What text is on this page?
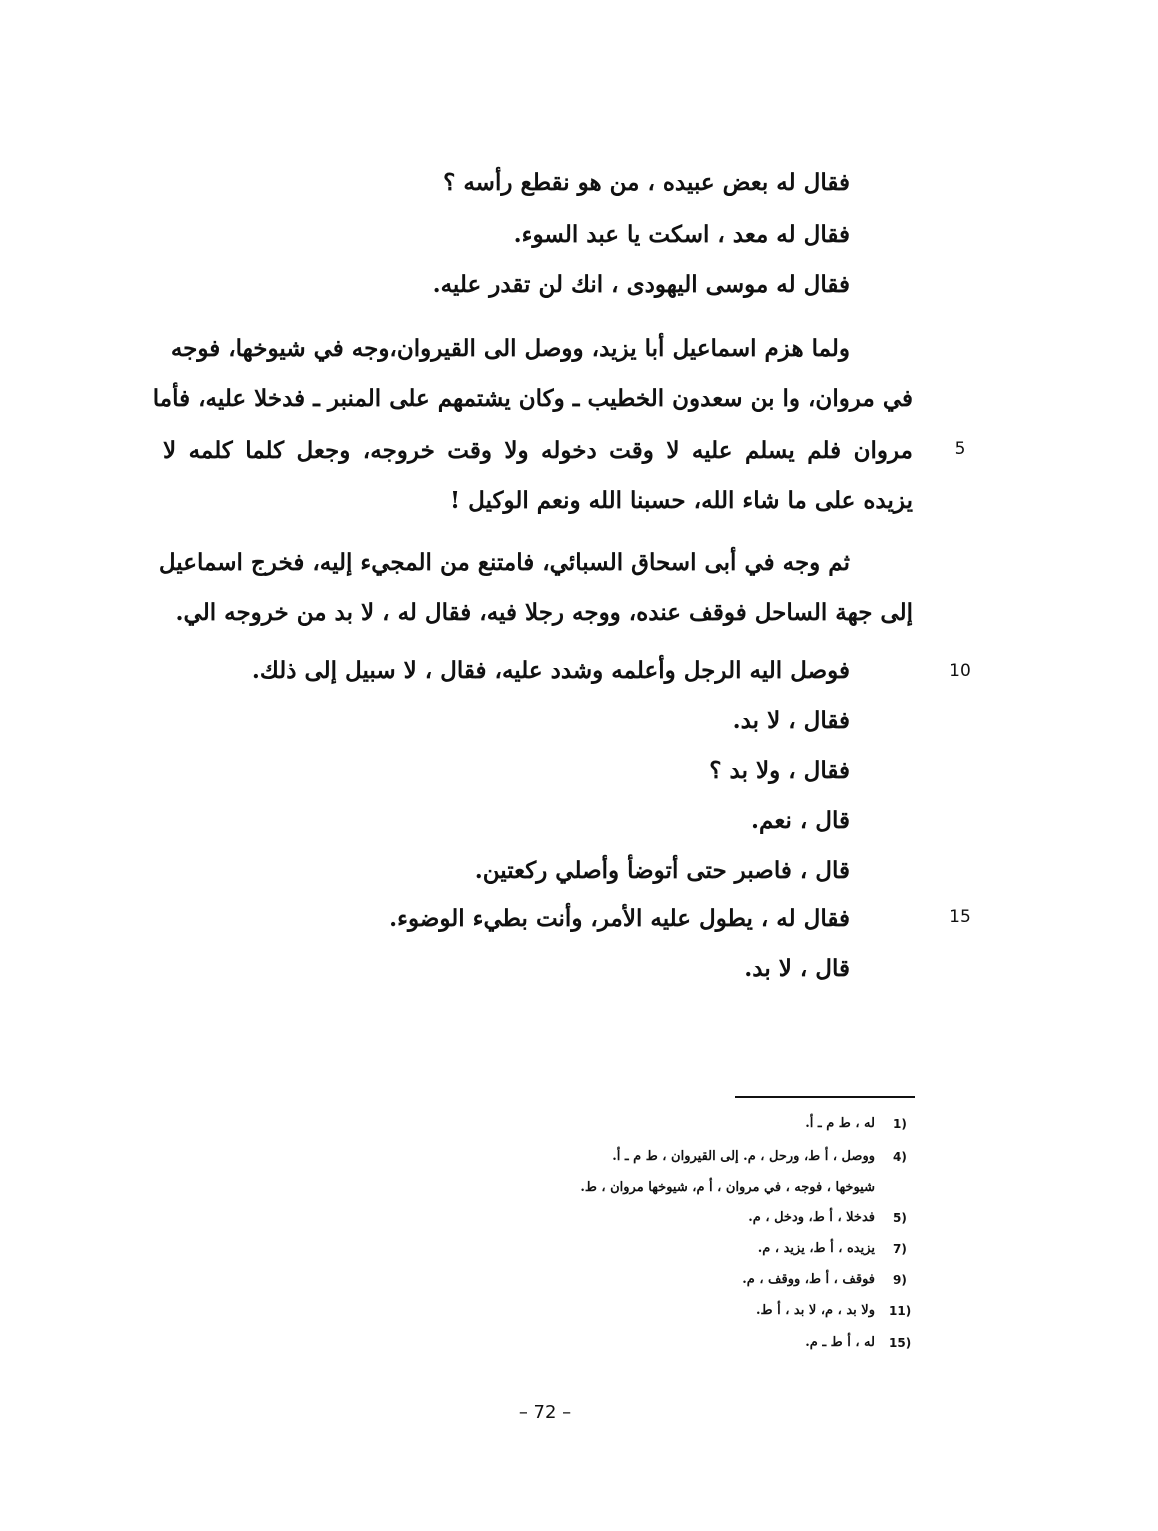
فقال له بعض عبيده ، من هو نقطع رأسه ؟
فقال له معد ، اسكت يا عبد السوء.
فقال له موسى اليهودى ، انك لن تقدر عليه.
ولما هزم اسماعيل أبا يزيد، ووصل الى القيروان،وجه في شيوخها، فوجه
في مروان، وا بن سعدون الخطيب ـ وكان يشتمهم على المنبر ـ فدخلا عليه، فأما
مروان فلم يسلم عليه لا وقت دخوله ولا وقت خروجه، وجعل كلما كلمه لا
يزيده على ما شاء الله، حسبنا الله ونعم الوكيل !
5
ثم وجه في أبى اسحاق السبائي، فامتنع من المجيء إليه، فخرج اسماعيل
إلى جهة الساحل فوقف عنده، ووجه رجلا فيه، فقال له ، لا بد من خروجه الي.
فوصل اليه الرجل وأعلمه وشدد عليه، فقال ، لا سبيل إلى ذلك.	10
فقال ، لا بد.
فقال ، ولا بد ؟
قال ، نعم.
قال ، فاصبر حتى أتوضأ وأصلي ركعتين.
فقال له ، يطول عليه الأمر، وأنت بطيء الوضوء.	15
قال ، لا بد.
1)
له ، ط م ـ أ.
4)
ووصل ، أ ط، ورحل ، م. إلى القيروان ، ط م ـ أ.
شيوخها ، فوجه ، في مروان ، أ م، شيوخها مروان ، ط.
5)
فدخلا ، أ ط، ودخل ، م.
7)
يزيده ، أ ط، يزيد ، م.
9)
فوقف ، أ ط، ووقف ، م.
11)
ولا بد ، م، لا بد ، أ ط.
15)
له ، أ ط ـ م.
– 72 –
